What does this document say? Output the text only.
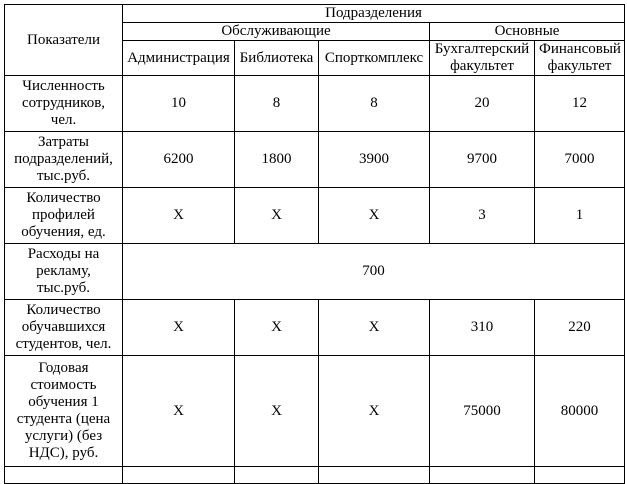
Показатели	Подразделения				
	Обслуживающие			Основные	
	Администрация	Библиотека	Спорткомплекс	Бухгалтерский факультет	Финансовый факультет
Численность сотрудников, чел.	10	8	8	20	12
Затраты подразделений, тыс.руб.	6200	1800	3900	9700	7000
Количество профилей обучения, ед.	X	X	X	3	1
Расходы на рекламу, тыс.руб.	700				
Количество обучавшихся студентов, чел.	X	X	X	310	220
Годовая стоимость обучения 1 студента (цена услуги) (без НДС), руб.	X	X	X	75000	80000
